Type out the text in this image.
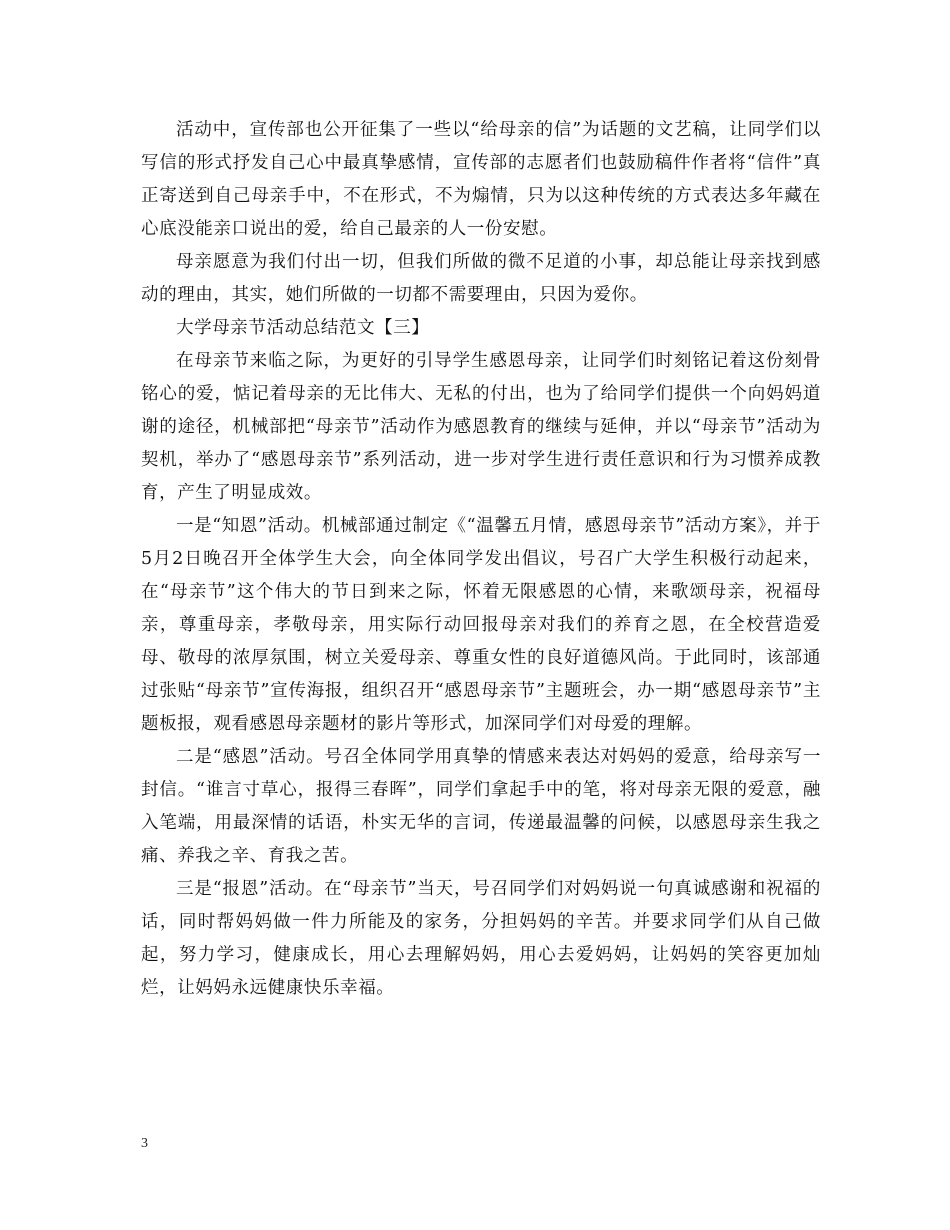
活动中，宣传部也公开征集了一些以“给母亲的信”为话题的文艺稿，让同学们以写信的形式抒发自己心中最真挚感情，宣传部的志愿者们也鼓励稿件作者将“信件”真正寄送到自己母亲手中，不在形式，不为煽情，只为以这种传统的方式表达多年藏在心底没能亲口说出的爱，给自己最亲的人一份安慰。

母亲愿意为我们付出一切，但我们所做的微不足道的小事，却总能让母亲找到感动的理由，其实，她们所做的一切都不需要理由，只因为爱你。

大学母亲节活动总结范文【三】

在母亲节来临之际，为更好的引导学生感恩母亲，让同学们时刻铭记着这份刻骨铭心的爱，惦记着母亲的无比伟大、无私的付出，也为了给同学们提供一个向妈妈道谢的途径，机械部把“母亲节”活动作为感恩教育的继续与延伸，并以“母亲节”活动为契机，举办了“感恩母亲节”系列活动，进一步对学生进行责任意识和行为习惯养成教育，产生了明显成效。

一是“知恩”活动。机械部通过制定《“温馨五月情，感恩母亲节”活动方案》，并于5月2日晚召开全体学生大会，向全体同学发出倡议，号召广大学生积极行动起来，在“母亲节”这个伟大的节日到来之际，怀着无限感恩的心情，来歌颂母亲，祝福母亲，尊重母亲，孝敬母亲，用实际行动回报母亲对我们的养育之恩，在全校营造爱母、敬母的浓厚氛围，树立关爱母亲、尊重女性的良好道德风尚。于此同时，该部通过张贴“母亲节”宣传海报，组织召开“感恩母亲节”主题班会，办一期“感恩母亲节”主题板报，观看感恩母亲题材的影片等形式，加深同学们对母爱的理解。

二是“感恩”活动。号召全体同学用真挚的情感来表达对妈妈的爱意，给母亲写一封信。“谁言寸草心，报得三春晖”，同学们拿起手中的笔，将对母亲无限的爱意，融入笔端，用最深情的话语，朴实无华的言词，传递最温馨的问候，以感恩母亲生我之痛、养我之辛、育我之苦。

三是“报恩”活动。在“母亲节”当天，号召同学们对妈妈说一句真诚感谢和祝福的话，同时帮妈妈做一件力所能及的家务，分担妈妈的辛苦。并要求同学们从自己做起，努力学习，健康成长，用心去理解妈妈，用心去爱妈妈，让妈妈的笑容更加灿烂，让妈妈永远健康快乐幸福。

3
